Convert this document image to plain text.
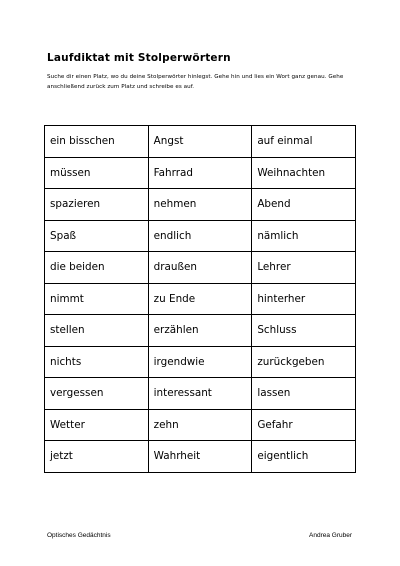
Laufdiktat mit Stolperwörtern

Suche dir einen Platz, wo du deine Stolperwörter hinlegst. Gehe hin und lies ein Wort ganz genau. Gehe anschließend zurück zum Platz und schreibe es auf.

ein bisschen	Angst	auf einmal
müssen	Fahrrad	Weihnachten
spazieren	nehmen	Abend
Spaß	endlich	nämlich
die beiden	draußen	Lehrer
nimmt	zu Ende	hinterher
stellen	erzählen	Schluss
nichts	irgendwie	zurückgeben
vergessen	interessant	lassen
Wetter	zehn	Gefahr
jetzt	Wahrheit	eigentlich

Optisches Gedächtnis	Andrea Gruber
